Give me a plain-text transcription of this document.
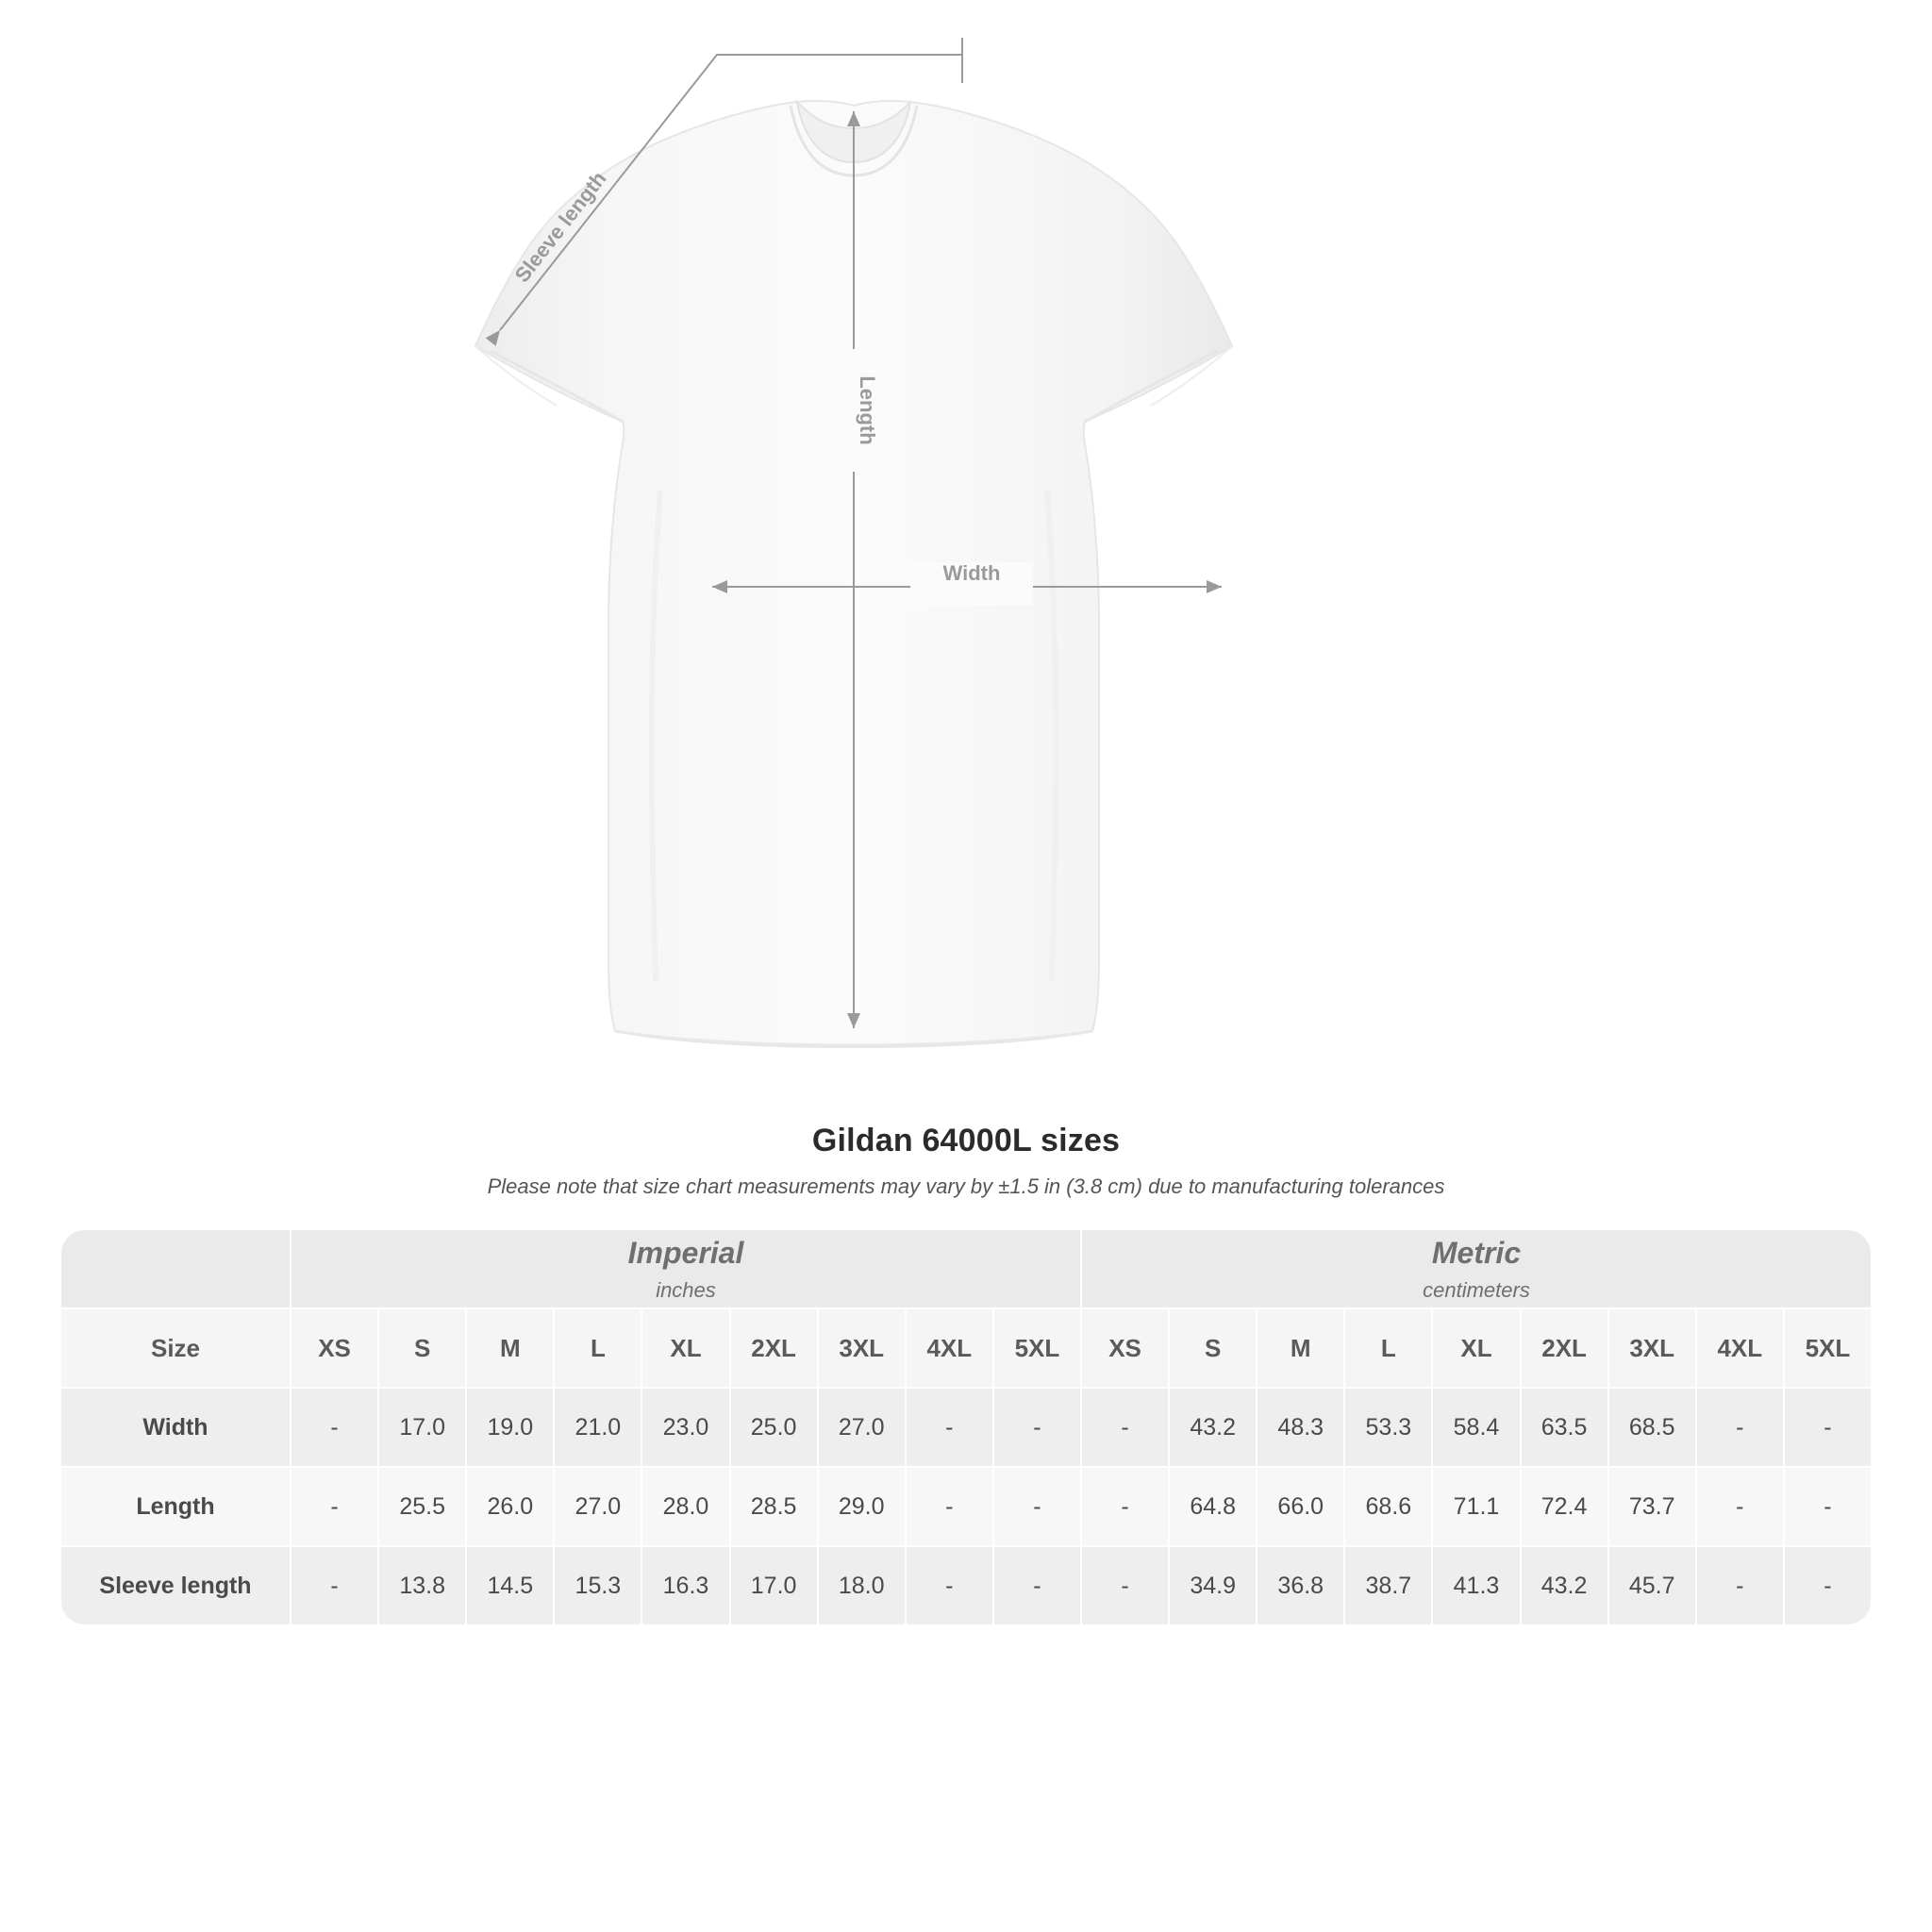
Length
Width
Sleeve length
Gildan 64000L sizes
Please note that size chart measurements may vary by ±1.5 in (3.8 cm) due to manufacturing tolerances

Imperial
inches

Metric
centimeters

Size	XS	S	M	L	XL	2XL	3XL	4XL	5XL	XS	S	M	L	XL	2XL	3XL	4XL	5XL
Width	-	17.0	19.0	21.0	23.0	25.0	27.0	-	-	-	43.2	48.3	53.3	58.4	63.5	68.5	-	-
Length	-	25.5	26.0	27.0	28.0	28.5	29.0	-	-	-	64.8	66.0	68.6	71.1	72.4	73.7	-	-
Sleeve length	-	13.8	14.5	15.3	16.3	17.0	18.0	-	-	-	34.9	36.8	38.7	41.3	43.2	45.7	-	-
